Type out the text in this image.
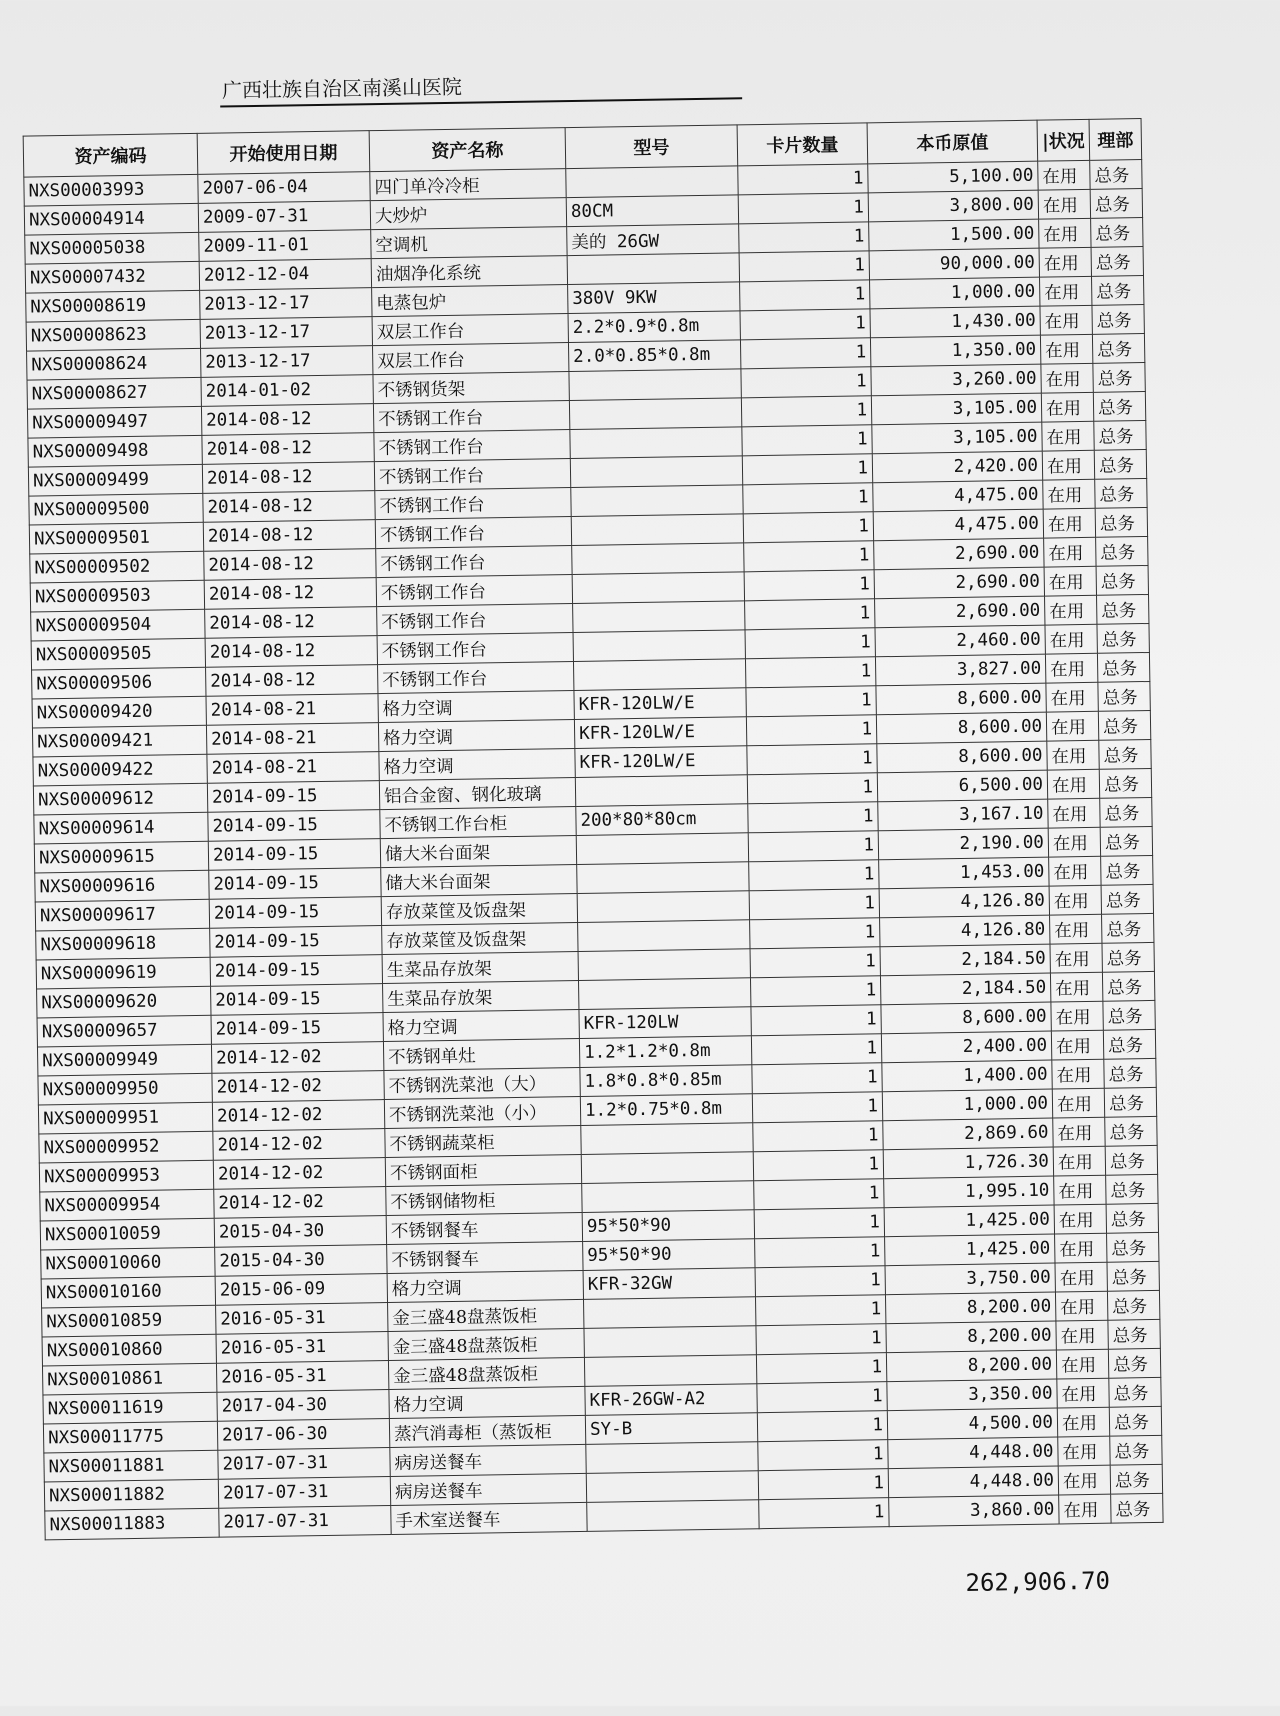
广西壮族自治区南溪山医院
资产编码	开始使用日期	资产名称	型号	卡片数量	本币原值	|状况	理部
NXS00003993	2007-06-04	四门单冷冷柜		1	5,100.00	在用	总务
NXS00004914	2009-07-31	大炒炉	80CM	1	3,800.00	在用	总务
NXS00005038	2009-11-01	空调机	美的 26GW	1	1,500.00	在用	总务
NXS00007432	2012-12-04	油烟净化系统		1	90,000.00	在用	总务
NXS00008619	2013-12-17	电蒸包炉	380V 9KW	1	1,000.00	在用	总务
NXS00008623	2013-12-17	双层工作台	2.2*0.9*0.8m	1	1,430.00	在用	总务
NXS00008624	2013-12-17	双层工作台	2.0*0.85*0.8m	1	1,350.00	在用	总务
NXS00008627	2014-01-02	不锈钢货架		1	3,260.00	在用	总务
NXS00009497	2014-08-12	不锈钢工作台		1	3,105.00	在用	总务
NXS00009498	2014-08-12	不锈钢工作台		1	3,105.00	在用	总务
NXS00009499	2014-08-12	不锈钢工作台		1	2,420.00	在用	总务
NXS00009500	2014-08-12	不锈钢工作台		1	4,475.00	在用	总务
NXS00009501	2014-08-12	不锈钢工作台		1	4,475.00	在用	总务
NXS00009502	2014-08-12	不锈钢工作台		1	2,690.00	在用	总务
NXS00009503	2014-08-12	不锈钢工作台		1	2,690.00	在用	总务
NXS00009504	2014-08-12	不锈钢工作台		1	2,690.00	在用	总务
NXS00009505	2014-08-12	不锈钢工作台		1	2,460.00	在用	总务
NXS00009506	2014-08-12	不锈钢工作台		1	3,827.00	在用	总务
NXS00009420	2014-08-21	格力空调	KFR-120LW/E	1	8,600.00	在用	总务
NXS00009421	2014-08-21	格力空调	KFR-120LW/E	1	8,600.00	在用	总务
NXS00009422	2014-08-21	格力空调	KFR-120LW/E	1	8,600.00	在用	总务
NXS00009612	2014-09-15	铝合金窗、钢化玻璃		1	6,500.00	在用	总务
NXS00009614	2014-09-15	不锈钢工作台柜	200*80*80cm	1	3,167.10	在用	总务
NXS00009615	2014-09-15	储大米台面架		1	2,190.00	在用	总务
NXS00009616	2014-09-15	储大米台面架		1	1,453.00	在用	总务
NXS00009617	2014-09-15	存放菜筐及饭盘架		1	4,126.80	在用	总务
NXS00009618	2014-09-15	存放菜筐及饭盘架		1	4,126.80	在用	总务
NXS00009619	2014-09-15	生菜品存放架		1	2,184.50	在用	总务
NXS00009620	2014-09-15	生菜品存放架		1	2,184.50	在用	总务
NXS00009657	2014-09-15	格力空调	KFR-120LW	1	8,600.00	在用	总务
NXS00009949	2014-12-02	不锈钢单灶	1.2*1.2*0.8m	1	2,400.00	在用	总务
NXS00009950	2014-12-02	不锈钢洗菜池（大）	1.8*0.8*0.85m	1	1,400.00	在用	总务
NXS00009951	2014-12-02	不锈钢洗菜池（小）	1.2*0.75*0.8m	1	1,000.00	在用	总务
NXS00009952	2014-12-02	不锈钢蔬菜柜		1	2,869.60	在用	总务
NXS00009953	2014-12-02	不锈钢面柜		1	1,726.30	在用	总务
NXS00009954	2014-12-02	不锈钢储物柜		1	1,995.10	在用	总务
NXS00010059	2015-04-30	不锈钢餐车	95*50*90	1	1,425.00	在用	总务
NXS00010060	2015-04-30	不锈钢餐车	95*50*90	1	1,425.00	在用	总务
NXS00010160	2015-06-09	格力空调	KFR-32GW	1	3,750.00	在用	总务
NXS00010859	2016-05-31	金三盛48盘蒸饭柜		1	8,200.00	在用	总务
NXS00010860	2016-05-31	金三盛48盘蒸饭柜		1	8,200.00	在用	总务
NXS00010861	2016-05-31	金三盛48盘蒸饭柜		1	8,200.00	在用	总务
NXS00011619	2017-04-30	格力空调	KFR-26GW-A2	1	3,350.00	在用	总务
NXS00011775	2017-06-30	蒸汽消毒柜（蒸饭柜	SY-B	1	4,500.00	在用	总务
NXS00011881	2017-07-31	病房送餐车		1	4,448.00	在用	总务
NXS00011882	2017-07-31	病房送餐车		1	4,448.00	在用	总务
NXS00011883	2017-07-31	手术室送餐车		1	3,860.00	在用	总务
262,906.70
